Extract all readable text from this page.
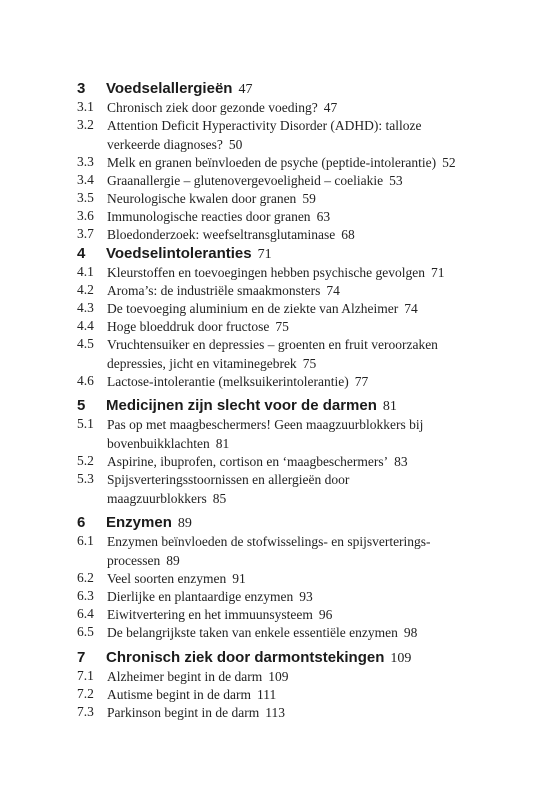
3 Voedselallergieën 47
3.1 Chronisch ziek door gezonde voeding? 47
3.2 Attention Deficit Hyperactivity Disorder (ADHD): talloze verkeerde diagnoses? 50
3.3 Melk en granen beïnvloeden de psyche (peptide-intolerantie) 52
3.4 Graanallergie – glutenovergevoeligheid – coeliakie 53
3.5 Neurologische kwalen door granen 59
3.6 Immunologische reacties door granen 63
3.7 Bloedonderzoek: weefseltransglutaminase 68
4 Voedselintoleranties 71
4.1 Kleurstoffen en toevoegingen hebben psychische gevolgen 71
4.2 Aroma’s: de industriële smaakmonsters 74
4.3 De toevoeging aluminium en de ziekte van Alzheimer 74
4.4 Hoge bloeddruk door fructose 75
4.5 Vruchtensuiker en depressies – groenten en fruit veroorzaken depressies, jicht en vitaminegebrek 75
4.6 Lactose-intolerantie (melksuikerintolerantie) 77
5 Medicijnen zijn slecht voor de darmen 81
5.1 Pas op met maagbeschermers! Geen maagzuurblokkers bij bovenbuikklachten 81
5.2 Aspirine, ibuprofen, cortison en ‘maagbeschermers’ 83
5.3 Spijsverteringsstoornissen en allergieën door maagzuurblokkers 85
6 Enzymen 89
6.1 Enzymen beïnvloeden de stofwisselings- en spijsverterings-processen 89
6.2 Veel soorten enzymen 91
6.3 Dierlijke en plantaardige enzymen 93
6.4 Eiwitvertering en het immuunsysteem 96
6.5 De belangrijkste taken van enkele essentiële enzymen 98
7 Chronisch ziek door darmontstekingen 109
7.1 Alzheimer begint in de darm 109
7.2 Autisme begint in de darm 111
7.3 Parkinson begint in de darm 113
